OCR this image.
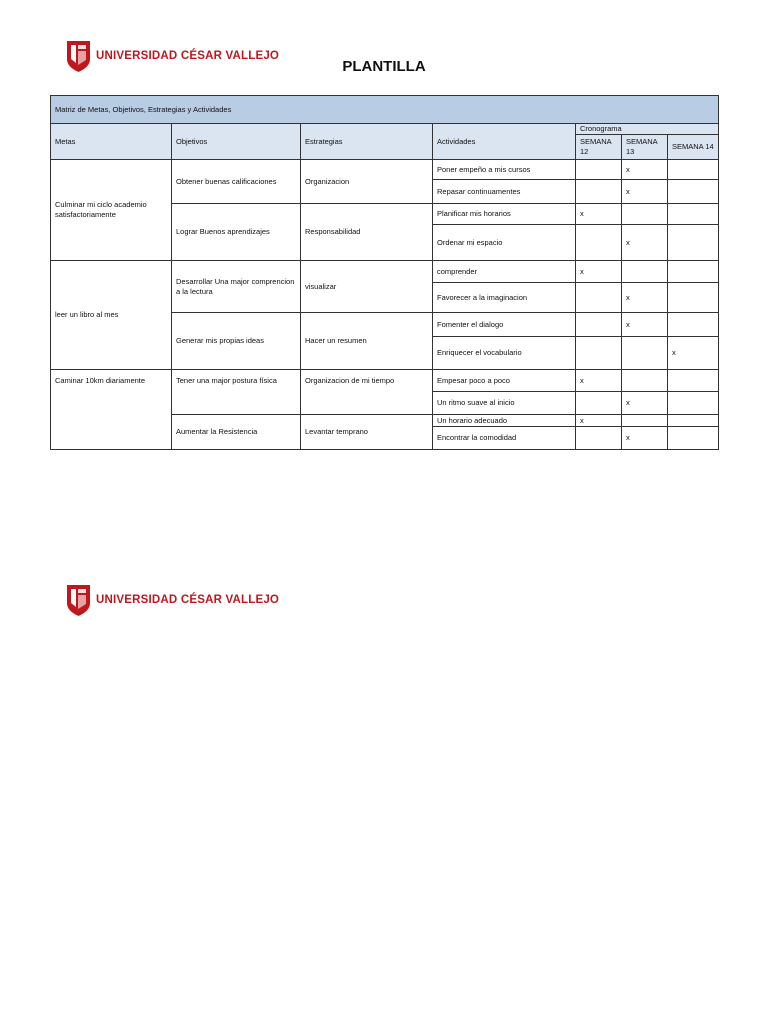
UNIVERSIDAD CÉSAR VALLEJO
PLANTILLA
Matriz de Metas, Objetivos, Estrategias y Actividades						
Metas	Objetivos	Estrategias	Actividades	Cronograma		
				SEMANA 12	SEMANA 13	SEMANA 14
Culminar mi ciclo academio satisfactoriamente	Obtener buenas calificaciones	Organizacion	Poner empeño a mis cursos		x	
			Repasar continuamentes		x	
	Lograr Buenos aprendizajes	Responsabilidad	Planificar mis horarios	x		
			Ordenar mi espacio		x	
leer un libro al mes	Desarrollar Una major comprencion a la lectura	visualizar	comprender	x		
			Favorecer a la imaginacion		x	
	Generar mis propias ideas	Hacer un resumen	Fomenter el dialogo		x	
			Enriquecer el vocabulario			x
Caminar 10km diariamente	Tener una major postura física	Organizacion de mi tiempo	Empesar poco a poco	x		
			Un ritmo suave al inicio		x	
	Aumentar la Resistencia	Levantar temprano	Un horario adecuado	x		
			Encontrar la comodidad		x	
UNIVERSIDAD CÉSAR VALLEJO
